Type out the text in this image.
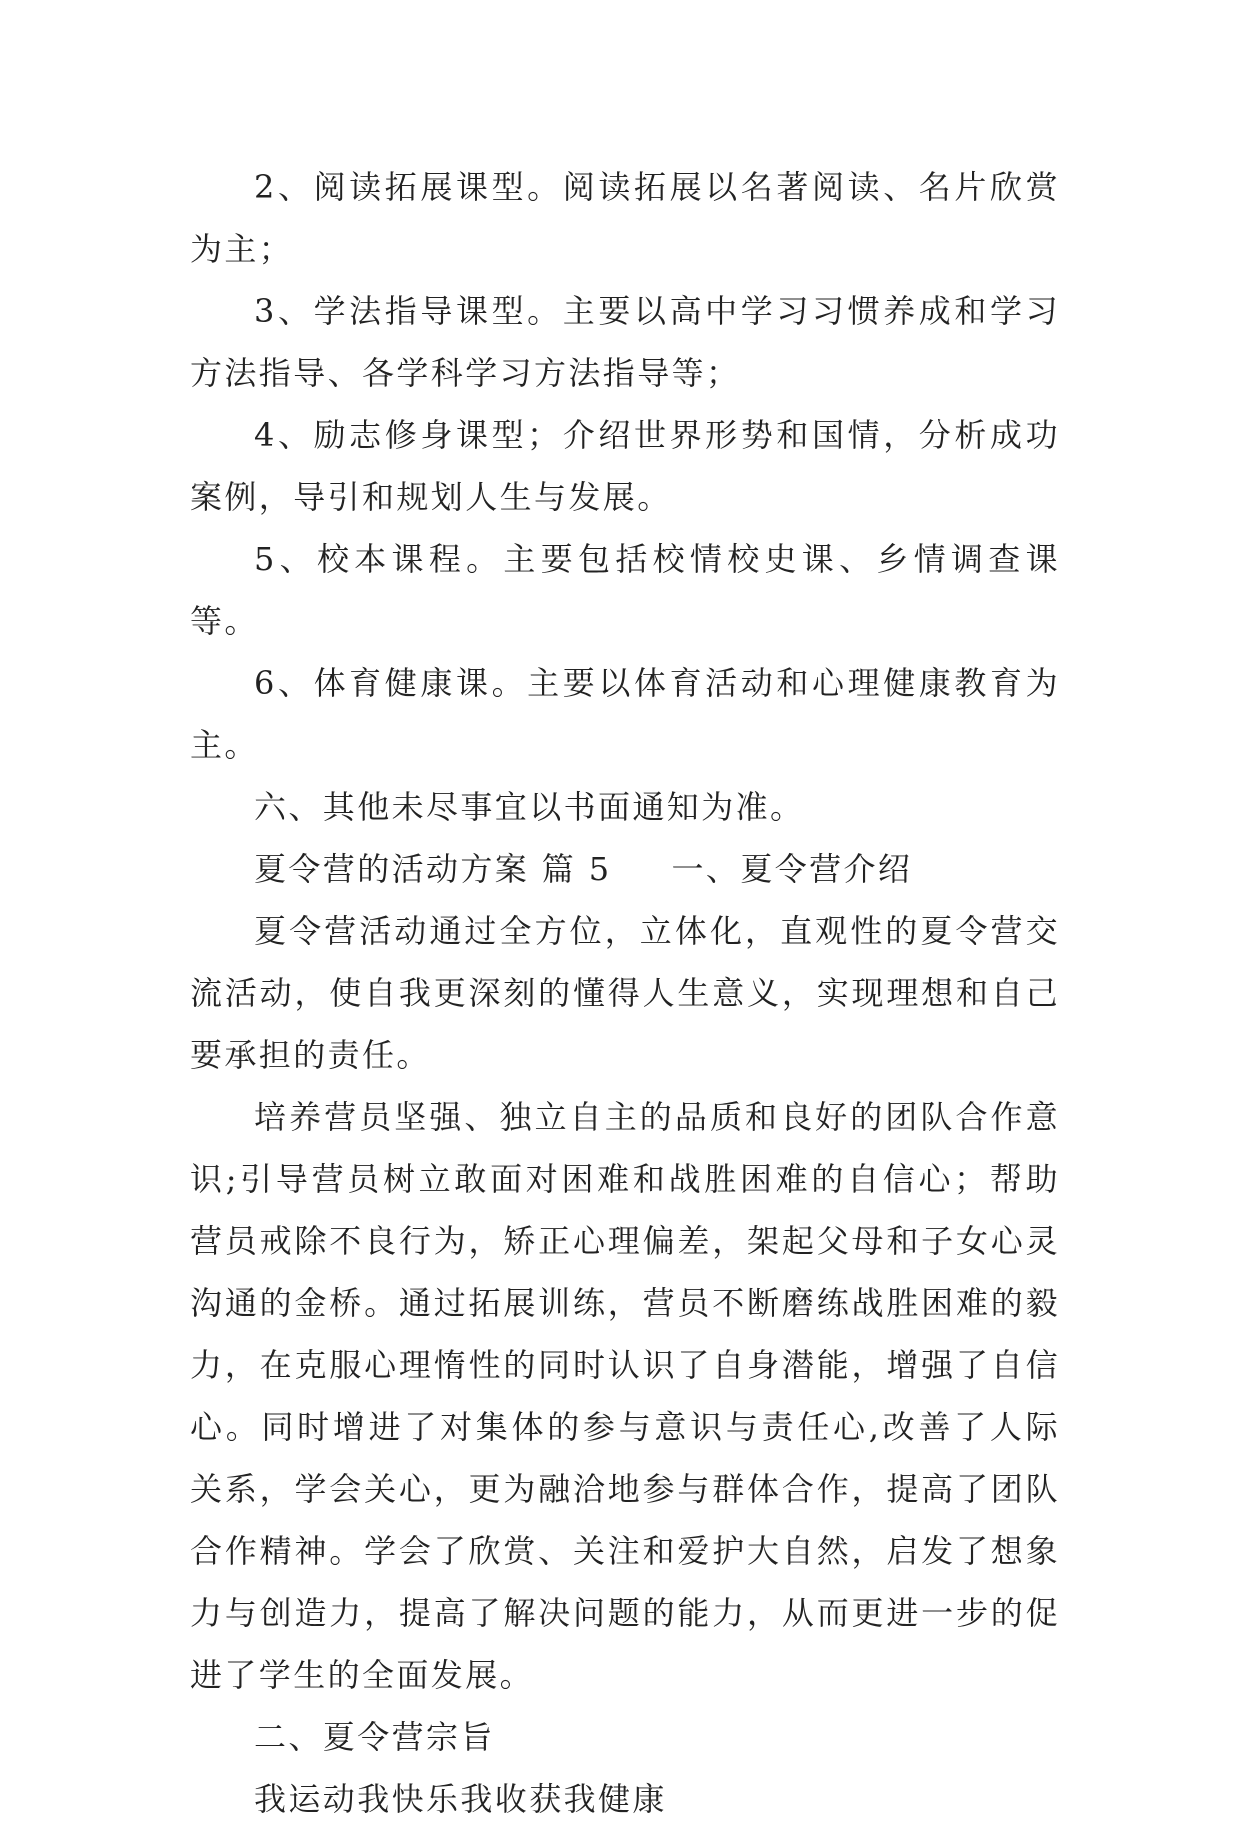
2、阅读拓展课型。阅读拓展以名著阅读、名片欣赏为主；

3、学法指导课型。主要以高中学习习惯养成和学习方法指导、各学科学习方法指导等；

4、励志修身课型；介绍世界形势和国情，分析成功案例，导引和规划人生与发展。

5、校本课程。主要包括校情校史课、乡情调查课等。

6、体育健康课。主要以体育活动和心理健康教育为主。

六、其他未尽事宜以书面通知为准。

夏令营的活动方案 篇 5 一、夏令营介绍

夏令营活动通过全方位，立体化，直观性的夏令营交流活动，使自我更深刻的懂得人生意义，实现理想和自己要承担的责任。

培养营员坚强、独立自主的品质和良好的团队合作意识;引导营员树立敢面对困难和战胜困难的自信心；帮助营员戒除不良行为，矫正心理偏差，架起父母和子女心灵沟通的金桥。通过拓展训练，营员不断磨练战胜困难的毅力，在克服心理惰性的同时认识了自身潜能，增强了自信心。同时增进了对集体的参与意识与责任心,改善了人际关系，学会关心，更为融洽地参与群体合作，提高了团队合作精神。学会了欣赏、关注和爱护大自然，启发了想象力与创造力，提高了解决问题的能力，从而更进一步的促进了学生的全面发展。

二、夏令营宗旨

我运动我快乐我收获我健康
